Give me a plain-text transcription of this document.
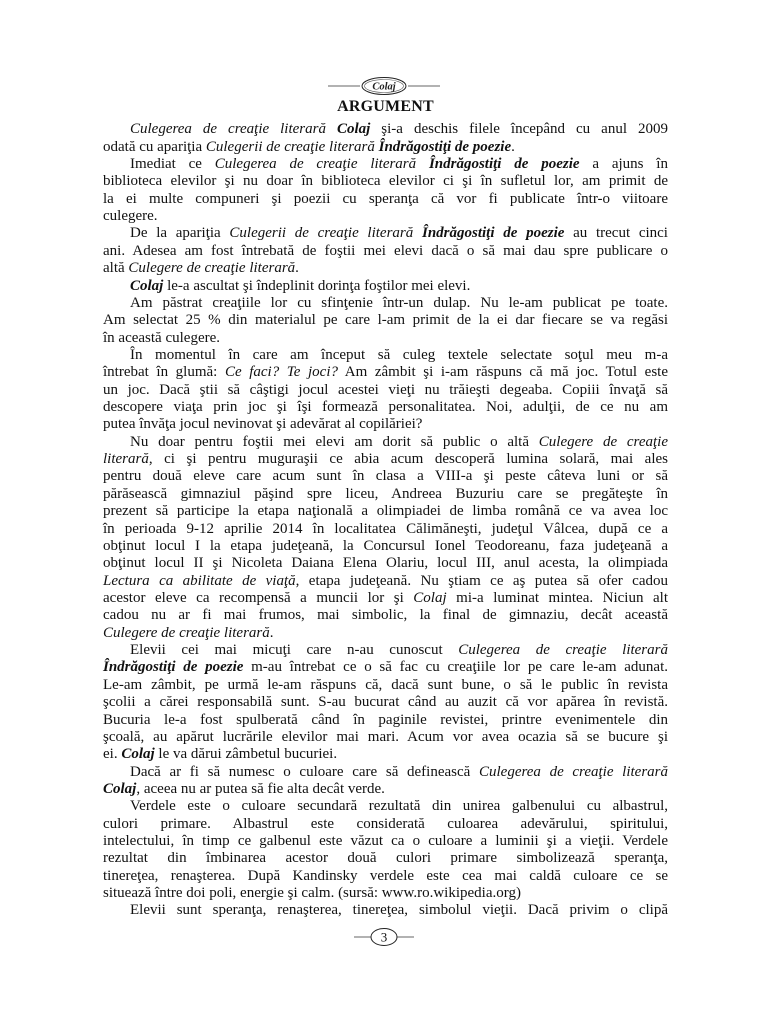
Colaj
ARGUMENT
Culegerea de creaţie literară Colaj şi-a deschis filele începând cu anul 2009
odată cu apariţia Culegerii de creaţie literară Îndrăgostiţi de poezie.
Imediat ce Culegerea de creaţie literară Îndrăgostiţi de poezie a ajuns în
biblioteca elevilor şi nu doar în biblioteca elevilor ci şi în sufletul lor, am primit de
la ei multe compuneri şi poezii cu speranţa că vor fi publicate într-o viitoare
culegere.
De la apariţia Culegerii de creaţie literară Îndrăgostiţi de poezie au trecut cinci
ani. Adesea am fost întrebată de foştii mei elevi dacă o să mai dau spre publicare o
altă Culegere de creaţie literară.
Colaj le-a ascultat şi îndeplinit dorinţa foştilor mei elevi.
Am păstrat creaţiile lor cu sfinţenie într-un dulap. Nu le-am publicat pe toate.
Am selectat 25 % din materialul pe care l-am primit de la ei dar fiecare se va regăsi
în această culegere.
În momentul în care am început să culeg textele selectate soţul meu m-a
întrebat în glumă: Ce faci? Te joci? Am zâmbit şi i-am răspuns că mă joc. Totul este
un joc. Dacă ştii să câştigi jocul acestei vieţi nu trăieşti degeaba. Copiii învaţă să
descopere viaţa prin joc şi îşi formează personalitatea. Noi, adulţii, de ce nu am
putea învăţa jocul nevinovat şi adevărat al copilăriei?
Nu doar pentru foştii mei elevi am dorit să public o altă Culegere de creaţie
literară, ci şi pentru muguraşii ce abia acum descoperă lumina solară, mai ales
pentru două eleve care acum sunt în clasa a VIII-a şi peste câteva luni or să
părăsească gimnaziul păşind spre liceu, Andreea Buzuriu care se pregăteşte în
prezent să participe la etapa naţională a olimpiadei de limba română ce va avea loc
în perioada 9-12 aprilie 2014 în localitatea Călimăneşti, judeţul Vâlcea, după ce a
obţinut locul I la etapa judeţeană, la Concursul Ionel Teodoreanu, faza judeţeană a
obţinut locul II şi Nicoleta Daiana Elena Olariu, locul III, anul acesta, la olimpiada
Lectura ca abilitate de viaţă, etapa judeţeană. Nu ştiam ce aş putea să ofer cadou
acestor eleve ca recompensă a muncii lor şi Colaj mi-a luminat mintea. Niciun alt
cadou nu ar fi mai frumos, mai simbolic, la final de gimnaziu, decât această
Culegere de creaţie literară.
Elevii cei mai micuţi care n-au cunoscut Culegerea de creaţie literară
Îndrăgostiţi de poezie m-au întrebat ce o să fac cu creaţiile lor pe care le-am adunat.
Le-am zâmbit, pe urmă le-am răspuns că, dacă sunt bune, o să le public în revista
şcolii a cărei responsabilă sunt. S-au bucurat când au auzit că vor apărea în revistă.
Bucuria le-a fost spulberată când în paginile revistei, printre evenimentele din
şcoală, au apărut lucrările elevilor mai mari. Acum vor avea ocazia să se bucure şi
ei. Colaj le va dărui zâmbetul bucuriei.
Dacă ar fi să numesc o culoare care să definească Culegerea de creaţie literară
Colaj, aceea nu ar putea să fie alta decât verde.
Verdele este o culoare secundară rezultată din unirea galbenului cu albastrul,
culori primare. Albastrul este considerată culoarea adevărului, spiritului,
intelectului, în timp ce galbenul este văzut ca o culoare a luminii şi a vieţii. Verdele
rezultat din îmbinarea acestor două culori primare simbolizează speranţa,
tinereţea, renaşterea. După Kandinsky verdele este cea mai caldă culoare ce se
situează între doi poli, energie şi calm. (sursă: www.ro.wikipedia.org)
Elevii sunt speranţa, renaşterea, tinereţea, simbolul vieţii. Dacă privim o clipă
3
